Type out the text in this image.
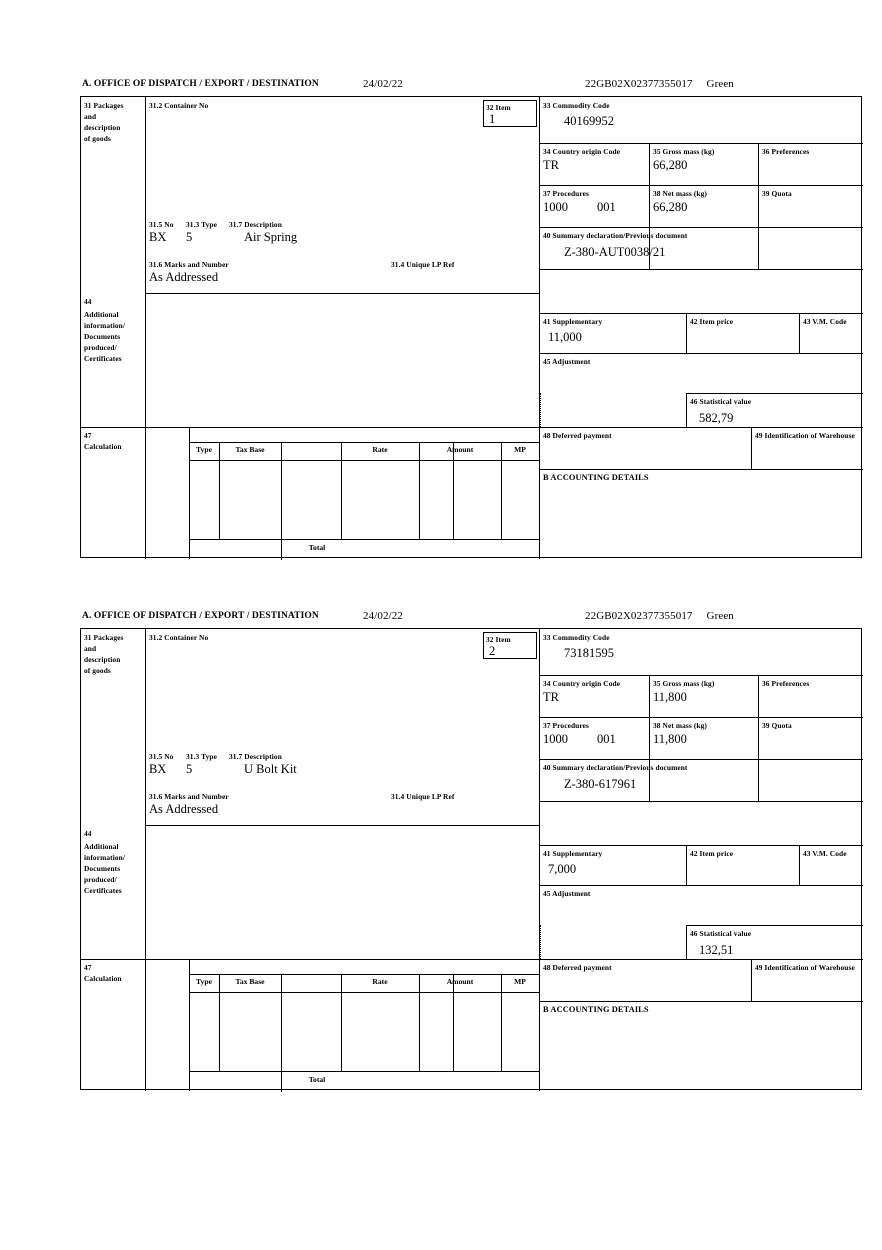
A. OFFICE OF DISPATCH / EXPORT / DESTINATION	24/02/22	22GB02X02377355017 Green
31 Packages
and
description
of goods
31.2 Container No	32 Item
1
31.5 No 31.3 Type 31.7 Description
BX 5	Air Spring
31.6 Marks and Number	31.4 Unique LP Ref
As Addressed
44
Additional
information/
Documents
produced/
Certificates
33 Commodity Code
40169952
34 Country origin Code
TR
35 Gross mass (kg)
66,280
36 Preferences
37 Procedures
1000 001
38 Net mass (kg)
66,280
39 Quota
40 Summary declaration/Previous document
Z-380-AUT0038/21
41 Supplementary
11,000
42 Item price	43 V.M. Code
45 Adjustment
46 Statistical value
582,79
47
Calculation	Type	Tax Base	Rate	Amount	MP
Total
48 Deferred payment	49 Identification of Warehouse
B ACCOUNTING DETAILS
A. OFFICE OF DISPATCH / EXPORT / DESTINATION	24/02/22	22GB02X02377355017 Green
31 Packages
and
description
of goods
31.2 Container No	32 Item
2
31.5 No 31.3 Type 31.7 Description
BX 5	U Bolt Kit
31.6 Marks and Number	31.4 Unique LP Ref
As Addressed
44
Additional
information/
Documents
produced/
Certificates
33 Commodity Code
73181595
34 Country origin Code
TR
35 Gross mass (kg)
11,800
36 Preferences
37 Procedures
1000 001
38 Net mass (kg)
11,800
39 Quota
40 Summary declaration/Previous document
Z-380-617961
41 Supplementary
7,000
42 Item price	43 V.M. Code
45 Adjustment
46 Statistical value
132,51
47
Calculation	Type	Tax Base	Rate	Amount	MP
Total
48 Deferred payment	49 Identification of Warehouse
B ACCOUNTING DETAILS
